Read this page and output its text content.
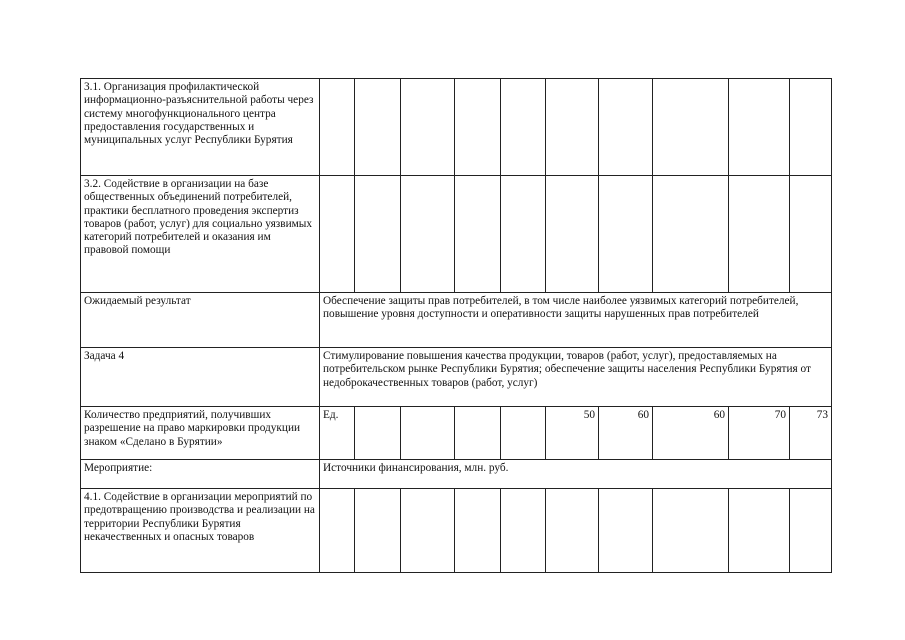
3.1. Организация профилактической информационно-разъяснительной работы через систему многофункционального центра предоставления государственных и муниципальных услуг Республики Бурятия										
3.2. Содействие в организации на базе общественных объединений потребителей, практики бесплатного проведения экспертиз товаров (работ, услуг) для социально уязвимых категорий потребителей и оказания им правовой помощи										
Ожидаемый результат	Обеспечение защиты прав потребителей, в том числе наиболее уязвимых категорий потребителей, повышение уровня доступности и оперативности защиты нарушенных прав потребителей									
Задача 4	Стимулирование повышения качества продукции, товаров (работ, услуг), предоставляемых на потребительском рынке Республики Бурятия; обеспечение защиты населения Республики Бурятия от недоброкачественных товаров (работ, услуг)									
Количество предприятий, получивших разрешение на право маркировки продукции знаком «Сделано в Бурятии»	Ед.					50	60	60	70	73
Мероприятие:	Источники финансирования, млн. руб.									
4.1. Содействие в организации мероприятий по предотвращению производства и реализации на территории Республики Бурятия некачественных и опасных товаров										
